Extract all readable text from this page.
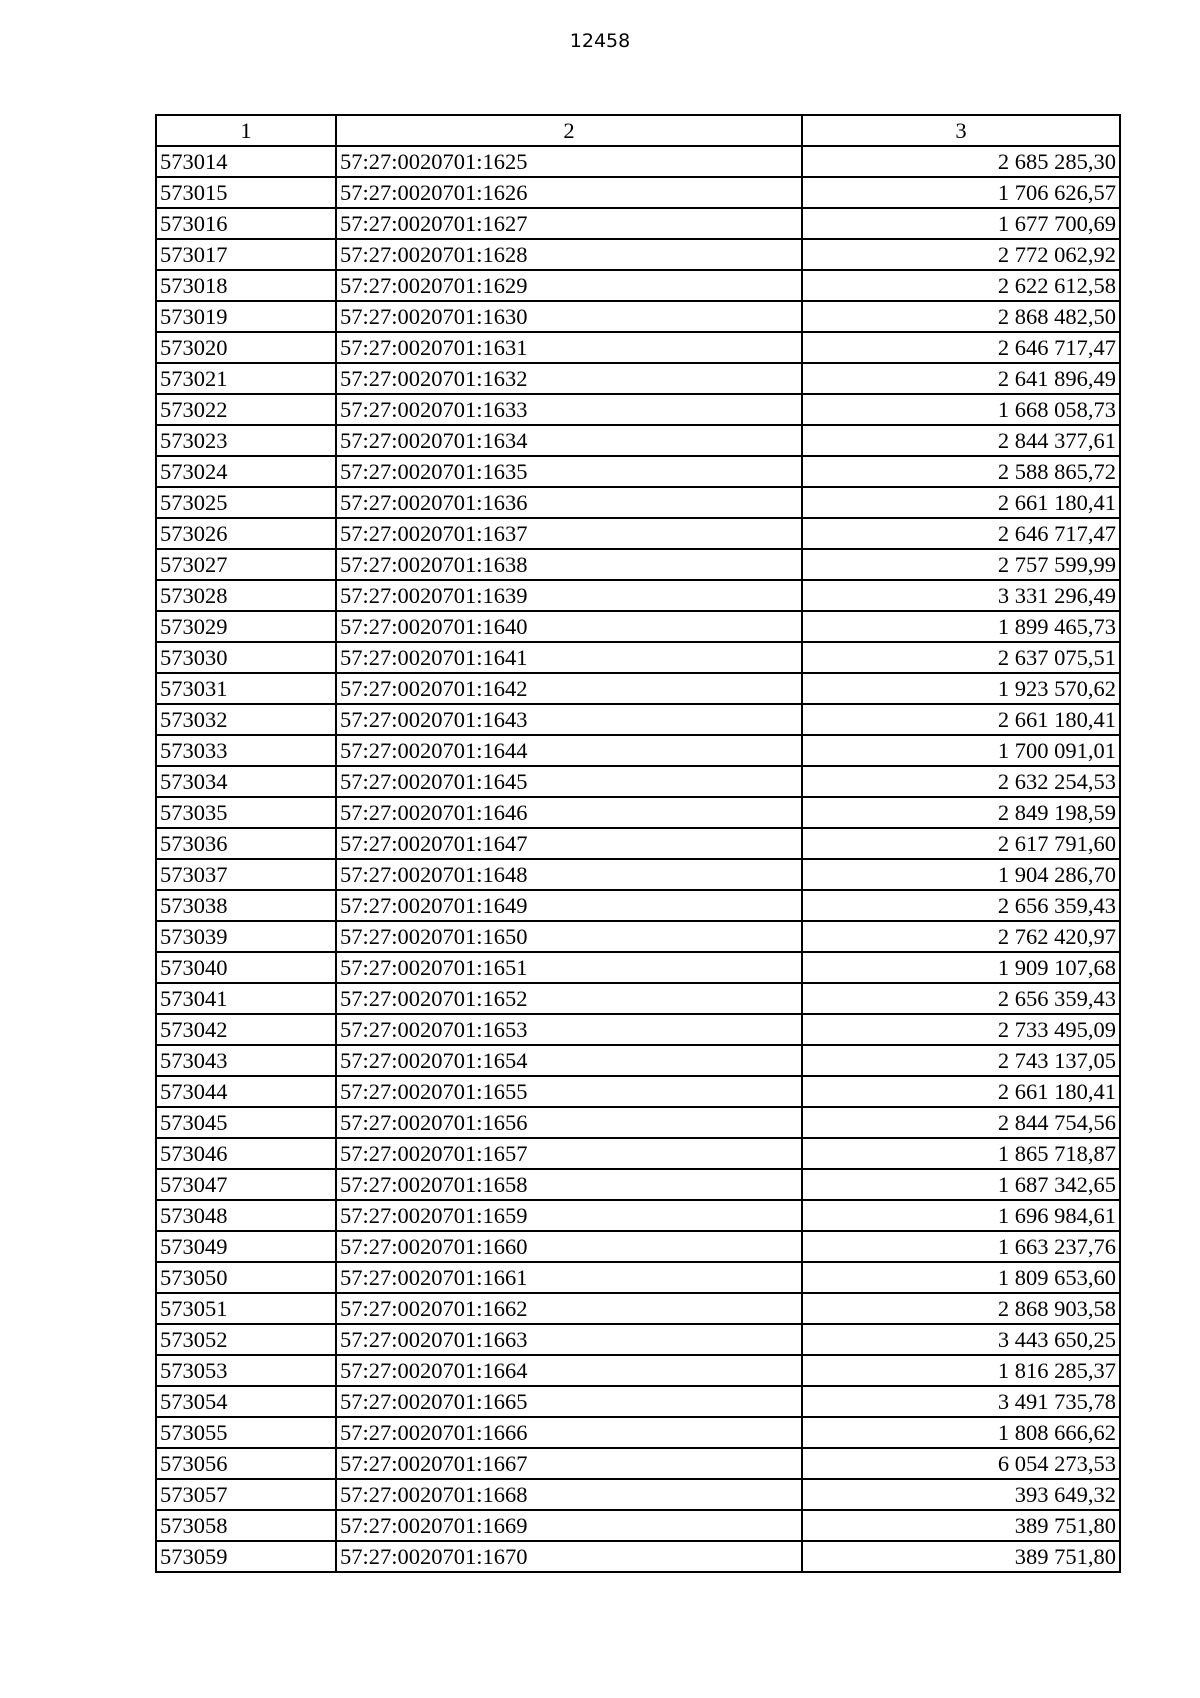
12458
1	2	3
573014	57:27:0020701:1625	2 685 285,30
573015	57:27:0020701:1626	1 706 626,57
573016	57:27:0020701:1627	1 677 700,69
573017	57:27:0020701:1628	2 772 062,92
573018	57:27:0020701:1629	2 622 612,58
573019	57:27:0020701:1630	2 868 482,50
573020	57:27:0020701:1631	2 646 717,47
573021	57:27:0020701:1632	2 641 896,49
573022	57:27:0020701:1633	1 668 058,73
573023	57:27:0020701:1634	2 844 377,61
573024	57:27:0020701:1635	2 588 865,72
573025	57:27:0020701:1636	2 661 180,41
573026	57:27:0020701:1637	2 646 717,47
573027	57:27:0020701:1638	2 757 599,99
573028	57:27:0020701:1639	3 331 296,49
573029	57:27:0020701:1640	1 899 465,73
573030	57:27:0020701:1641	2 637 075,51
573031	57:27:0020701:1642	1 923 570,62
573032	57:27:0020701:1643	2 661 180,41
573033	57:27:0020701:1644	1 700 091,01
573034	57:27:0020701:1645	2 632 254,53
573035	57:27:0020701:1646	2 849 198,59
573036	57:27:0020701:1647	2 617 791,60
573037	57:27:0020701:1648	1 904 286,70
573038	57:27:0020701:1649	2 656 359,43
573039	57:27:0020701:1650	2 762 420,97
573040	57:27:0020701:1651	1 909 107,68
573041	57:27:0020701:1652	2 656 359,43
573042	57:27:0020701:1653	2 733 495,09
573043	57:27:0020701:1654	2 743 137,05
573044	57:27:0020701:1655	2 661 180,41
573045	57:27:0020701:1656	2 844 754,56
573046	57:27:0020701:1657	1 865 718,87
573047	57:27:0020701:1658	1 687 342,65
573048	57:27:0020701:1659	1 696 984,61
573049	57:27:0020701:1660	1 663 237,76
573050	57:27:0020701:1661	1 809 653,60
573051	57:27:0020701:1662	2 868 903,58
573052	57:27:0020701:1663	3 443 650,25
573053	57:27:0020701:1664	1 816 285,37
573054	57:27:0020701:1665	3 491 735,78
573055	57:27:0020701:1666	1 808 666,62
573056	57:27:0020701:1667	6 054 273,53
573057	57:27:0020701:1668	393 649,32
573058	57:27:0020701:1669	389 751,80
573059	57:27:0020701:1670	389 751,80
